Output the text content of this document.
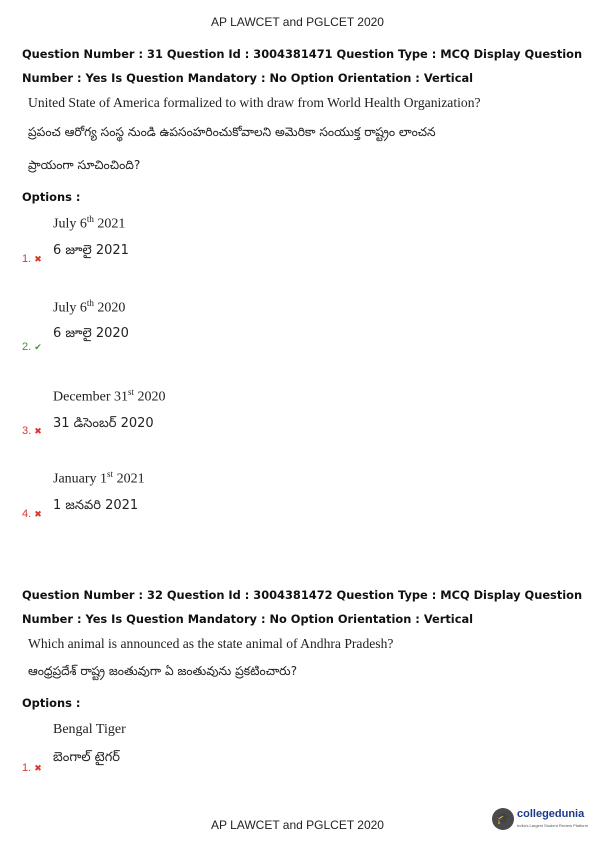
AP LAWCET and PGLCET 2020
Question Number : 31 Question Id : 3004381471 Question Type : MCQ Display Question
Number : Yes Is Question Mandatory : No Option Orientation : Vertical
United State of America formalized to with draw from World Health Organization?
ప్రపంచ ఆరోగ్య సంస్థ నుండి ఉపసంహరించుకోవాలని అమెరికా సంయుక్త రాష్ట్రం లాంచన
ప్రాయంగా సూచించింది?
Options :
July 6th 2021
6 జూలై 2021
1. ✖
July 6th 2020
6 జూలై 2020
2. ✔
December 31st 2020
31 డిసెంబర్ 2020
3. ✖
January 1st 2021
1 జనవరి 2021
4. ✖
Question Number : 32 Question Id : 3004381472 Question Type : MCQ Display Question
Number : Yes Is Question Mandatory : No Option Orientation : Vertical
Which animal is announced as the state animal of Andhra Pradesh?
ఆంధ్రప్రదేశ్ రాష్ట్ర జంతువుగా ఏ జంతువును ప్రకటించారు?
Options :
Bengal Tiger
బెంగాల్ టైగర్
1. ✖
AP LAWCET and PGLCET 2020	🎓 collegedunia
India's Largest Student Review Platform
